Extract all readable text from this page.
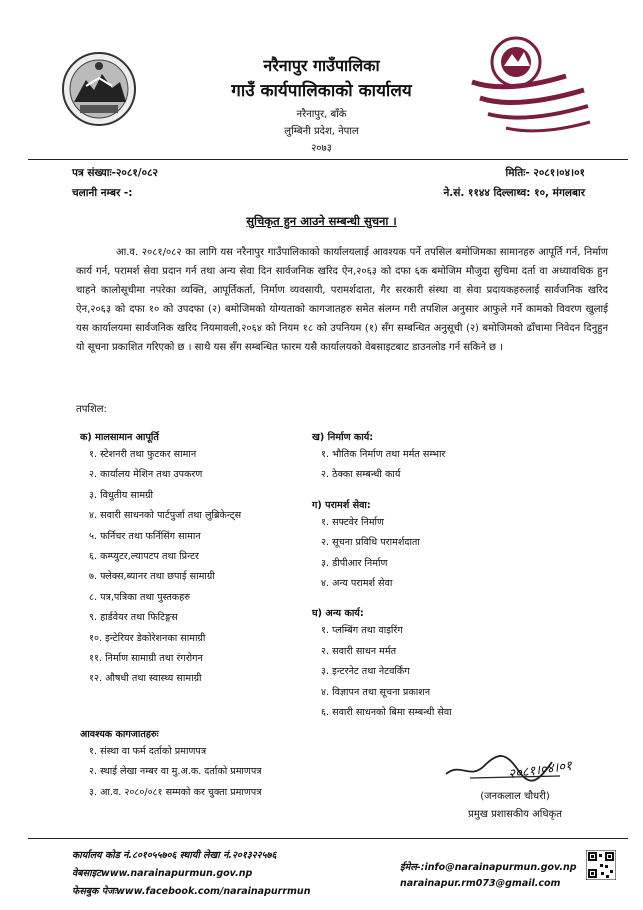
नरैनापुर गाउँपालिका
गाउँ कार्यपालिकाको कार्यालय
नरैनापुर, बाँके
लुम्बिनी प्रदेश, नेपाल
२०७३
पत्र संख्याः-२०८१/०८२
चलानी नम्बर -:
मितिः- २०८१।०४।०१
ने.सं. ११४४ दिल्लाथ्व: १०, मंगलबार
सुचिकृत हुन आउने सम्बन्धी सुचना ।
आ.व. २०८१/०८२ का लागि यस नरैनापुर गाउँपालिकाको कार्यालयलाई आवश्यक पर्ने तपसिल बमोजिमका सामानहरु आपूर्ति गर्न, निर्माण कार्य गर्न, परामर्श सेवा प्रदान गर्न तथा अन्य सेवा दिन सार्वजनिक खरिद ऐन,२०६३ को दफा ६क बमोजिम मौजुदा सुचिमा दर्ता वा अध्यावधिक हुन चाहने कालोसूचीमा नपरेका व्यक्ति, आपूर्तिकर्ता, निर्माण व्यवसायी, परामर्शदाता, गैर सरकारी संस्था वा सेवा प्रदायकहरुलाई सार्वजनिक खरिद ऐन,२०६३ को दफा १० को उपदफा (२) बमोजिमको योग्यताको कागजातहरु समेत संलग्न गरी तपशिल अनुसार आफुले गर्ने कामको विवरण खुलाई यस कार्यालयमा सार्वजनिक खरिद नियमावली,२०६४ को नियम १८ को उपनियम (१) सँग सम्बन्धित अनुसूची (२) बमोजिमको ढाँचामा निवेदन दिनुहुन यो सूचना प्रकाशित गरिएको छ । साथै यस सँग सम्बन्धित फारम यसै कार्यालयको वेबसाइटबाट डाउनलोड गर्न सकिने छ ।
तपशिल:
क) मालसामान आपूर्ति
१. स्टेशनरी तथा फुटकर सामान
२. कार्यालय मेशिन तथा उपकरण
३. विधुतीय सामग्री
४. सवारी साधनको पार्टपुर्जा तथा लुब्रिकेन्ट्स
५. फर्निचर तथा फर्निसिंग सामान
६. कम्प्युटर,ल्यापटप तथा प्रिन्टर
७. फ्लेक्स,ब्यानर तथा छपाई सामाग्री
८. पत्र,पत्रिका तथा पुस्तकहरु
९. हार्डवेयर तथा फिटिङ्गस
१०. इन्टेरियर डेकोरेशनका सामाग्री
११. निर्माण सामाग्री तथा रंगरोगन
१२. औषधी तथा स्वास्थ्य सामाग्री
ख) निर्माण कार्य:
१. भौतिक निर्माण तथा मर्मत सम्भार
२. ठेक्का सम्बन्धी कार्य
ग) परामर्श सेवा:
१. सफ्टवेर निर्माण
२. सूचना प्रविधि परामर्शदाता
३. डीपीआर निर्माण
४. अन्य परामर्श सेवा
घ) अन्य कार्य:
१. प्लम्बिंग तथा वाइरिंग
२. सवारी साधन मर्मत
३. इन्टरनेट तथा नेटवर्किंग
४. विज्ञापन तथा सूचना प्रकाशन
६. सवारी साधनको बिमा सम्बन्धी सेवा
आवश्यक कागजातहरुः
१. संस्था वा फर्म दर्ताको प्रमाणपत्र
२. स्थाई लेखा नम्बर वा मु.अ.क. दर्ताको प्रमाणपत्र
३. आ.व. २०८०/०८१ सम्मको कर चुक्ता प्रमाणपत्र
२०८१।०४।०१
(जनकलाल चौधरी)
प्रमुख प्रशासकीय अधिकृत
कार्यालय कोड नं.८०१०५५७०६ स्थायी लेखा नं.२०१३२२५७६
वेबसाइटwww.narainapurmun.gov.np
फेसबुक पेजःwww.facebook.com/narainapurrmun
ईमेल-:info@narainapurmun.gov.np
narainapur.rm073@gmail.com
